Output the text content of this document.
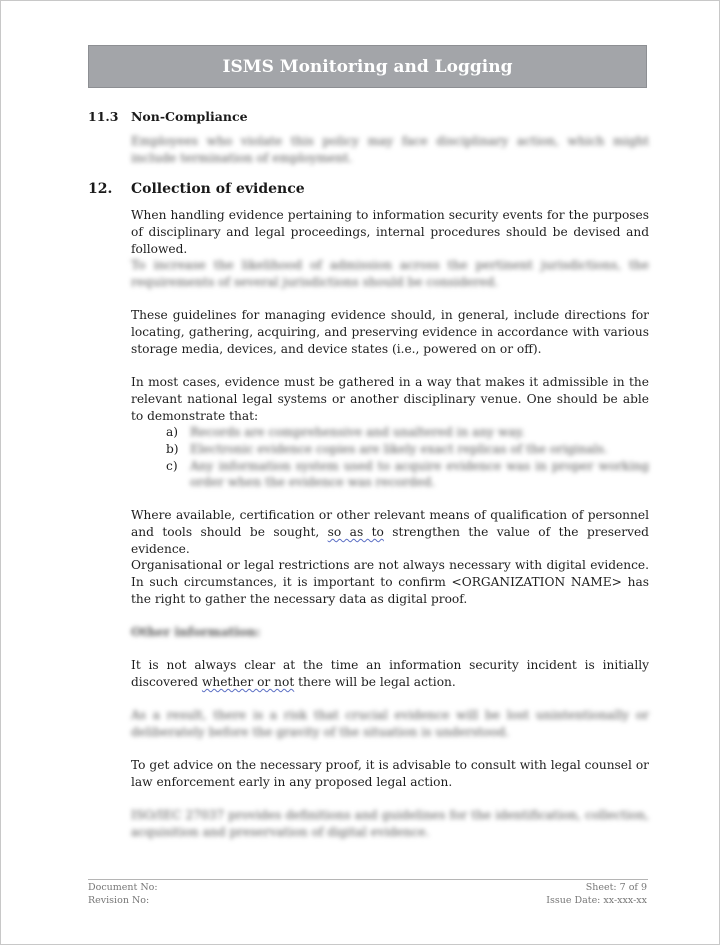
ISMS Monitoring and Logging
11.3 Non-Compliance

Employees who violate this policy may face disciplinary action, which might include termination of employment.

12. Collection of evidence

When handling evidence pertaining to information security events for the purposes of disciplinary and legal proceedings, internal procedures should be devised and followed.

To increase the likelihood of admission across the pertinent jurisdictions, the requirements of several jurisdictions should be considered.

These guidelines for managing evidence should, in general, include directions for locating, gathering, acquiring, and preserving evidence in accordance with various storage media, devices, and device states (i.e., powered on or off).

In most cases, evidence must be gathered in a way that makes it admissible in the relevant national legal systems or another disciplinary venue. One should be able to demonstrate that:

a) Records are comprehensive and unaltered in any way.
b) Electronic evidence copies are likely exact replicas of the originals.
c) Any information system used to acquire evidence was in proper working order when the evidence was recorded.

Where available, certification or other relevant means of qualification of personnel and tools should be sought, so as to strengthen the value of the preserved evidence.

Organisational or legal restrictions are not always necessary with digital evidence. In such circumstances, it is important to confirm <ORGANIZATION NAME> has the right to gather the necessary data as digital proof.

Other information:

It is not always clear at the time an information security incident is initially discovered whether or not there will be legal action.

As a result, there is a risk that crucial evidence will be lost unintentionally or deliberately before the gravity of the situation is understood.

To get advice on the necessary proof, it is advisable to consult with legal counsel or law enforcement early in any proposed legal action.

ISO/IEC 27037 provides definitions and guidelines for the identification, collection, acquisition and preservation of digital evidence.

Document No:
Revision No:
Sheet: 7 of 9
Issue Date: xx-xxx-xx
